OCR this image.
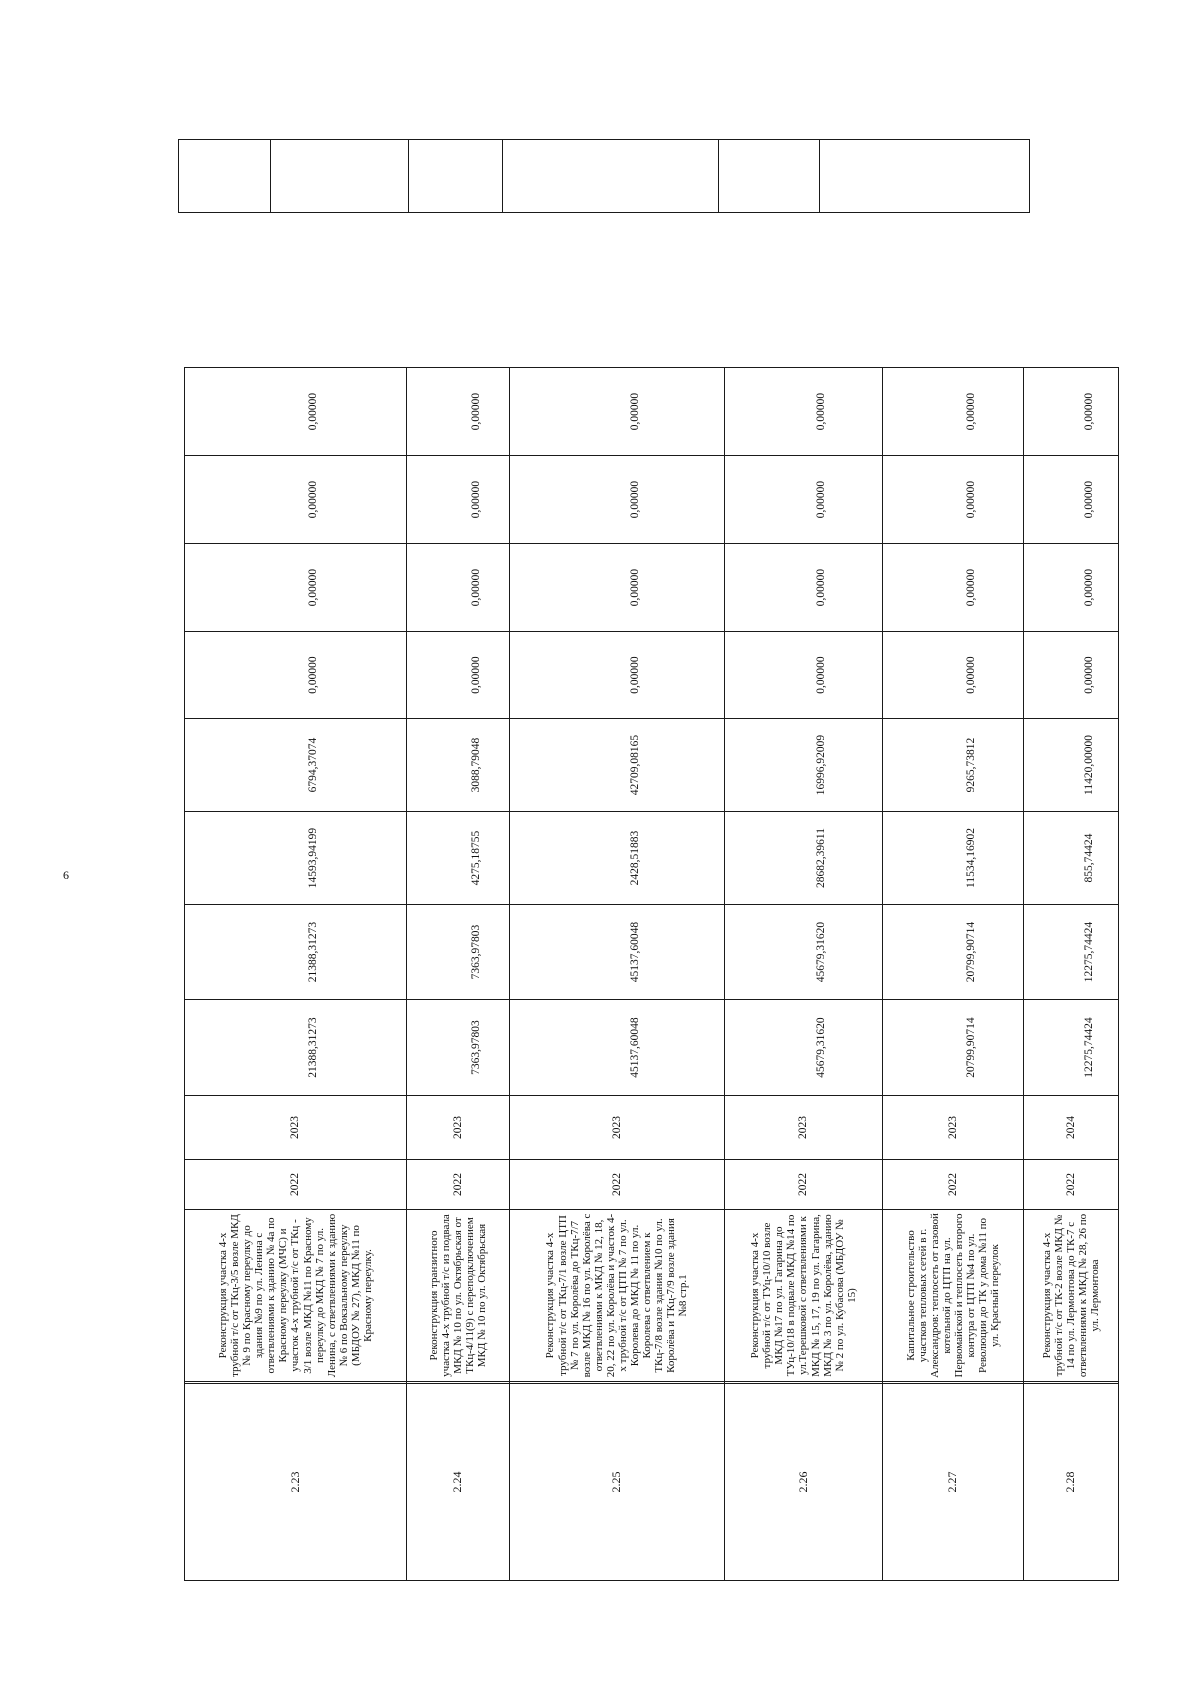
6

2.23		Реконструкция участка 4-х трубной т/с от ТКц-3/5 возле МКД № 9 по Красному переулку до здания №9 по ул. Ленина с ответвлениями к зданию № 4а по Красному переулку (МЧС) и участок 4-х трубной т/с от ТКц - 3/1 возле МКД №11 по Красному переулку до МКД № 7 по ул. Ленина, с ответвлениями к зданию № 6 по Вокзальному переулку (МБДОУ № 27), МКД №11 по Красному переулку.	2022	2023	21388,31273	21388,31273	14593,94199	6794,37074	0,00000	0,00000	0,00000	0,00000
2.24		Реконструкция транзитного участка 4-х трубной т/с из подвала МКД № 10 по ул. Октябрьская от ТКц-4/11(9) с переподключением МКД № 10 по ул. Октябрьская	2022	2023	7363,97803	7363,97803	4275,18755	3088,79048	0,00000	0,00000	0,00000	0,00000
2.25		Реконструкция участка 4-х трубной т/с от ТКц-7/1 возле ЦТП № 7 по ул. Королёва до ТКц-7/7 возле МКД № 16 по ул. Королёва с ответвлениями к МКД № 12, 18, 20, 22 по ул. Королёва и участок 4-х трубной т/с от ЦТП № 7 по ул. Королева до МКД № 11 по ул. Королева с ответвлением к ТКц-7/8 возле здания №10 по ул. Королёва и ТКц-7/9 возле здания №8 стр.1	2022	2023	45137,60048	45137,60048	2428,51883	42709,08165	0,00000	0,00000	0,00000	0,00000
2.26		Реконструкция участка 4-х трубной т/с от ТУц-10/10 возле МКД №17 по ул. Гагарина до ТУц-10/18 в подвале МКД №14 по ул.Терешковой с ответвлениями к МКД № 15, 17, 19 по ул. Гагарина, МКД № 3 по ул. Королёва, зданию № 2 по ул. Кубасова (МБДОУ № 15)	2022	2023	45679,31620	45679,31620	28682,39611	16996,92009	0,00000	0,00000	0,00000	0,00000
2.27		Капитальное строительство участков тепловых сетей в г. Александров: теплосеть от газовой котельной до ЦТП на ул. Первомайской и теплосеть второго контура от ЦТП №4 по ул. Революции до ТК у дома №11 по ул. Красный переулок	2022	2023	20799,90714	20799,90714	11534,16902	9265,73812	0,00000	0,00000	0,00000	0,00000
2.28		Реконструкция участка 4-х трубной т/с от ТК-2 возле МКД № 14 по ул. Лермонтова до ТК-7 с ответвлениями к МКД № 28, 26 по ул. Лермонтова	2022	2024	12275,74424	12275,74424	855,74424	11420,00000	0,00000	0,00000	0,00000	0,00000
